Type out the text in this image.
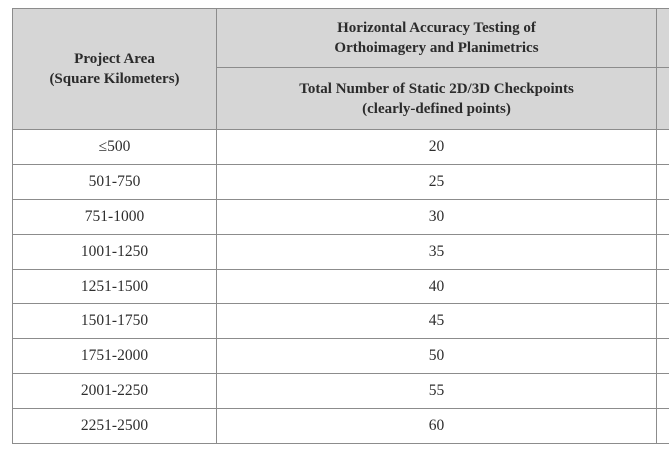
Project Area
(Square Kilometers)	Horizontal Accuracy Testing of
Orthoimagery and Planimetrics	

	Total Number of Static 2D/3D Checkpoints
(clearly-defined points)	

≤500	20	
501-750	25	
751-1000	30	
1001-1250	35	
1251-1500	40	
1501-1750	45	
1751-2000	50	
2001-2250	55	
2251-2500	60	
